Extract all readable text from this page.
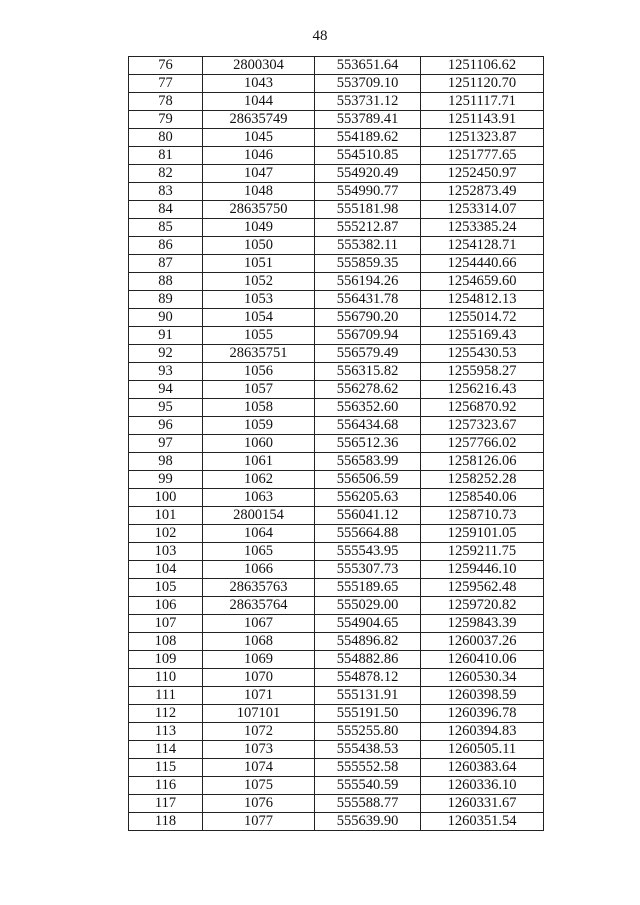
48
76	2800304	553651.64	1251106.62
77	1043	553709.10	1251120.70
78	1044	553731.12	1251117.71
79	28635749	553789.41	1251143.91
80	1045	554189.62	1251323.87
81	1046	554510.85	1251777.65
82	1047	554920.49	1252450.97
83	1048	554990.77	1252873.49
84	28635750	555181.98	1253314.07
85	1049	555212.87	1253385.24
86	1050	555382.11	1254128.71
87	1051	555859.35	1254440.66
88	1052	556194.26	1254659.60
89	1053	556431.78	1254812.13
90	1054	556790.20	1255014.72
91	1055	556709.94	1255169.43
92	28635751	556579.49	1255430.53
93	1056	556315.82	1255958.27
94	1057	556278.62	1256216.43
95	1058	556352.60	1256870.92
96	1059	556434.68	1257323.67
97	1060	556512.36	1257766.02
98	1061	556583.99	1258126.06
99	1062	556506.59	1258252.28
100	1063	556205.63	1258540.06
101	2800154	556041.12	1258710.73
102	1064	555664.88	1259101.05
103	1065	555543.95	1259211.75
104	1066	555307.73	1259446.10
105	28635763	555189.65	1259562.48
106	28635764	555029.00	1259720.82
107	1067	554904.65	1259843.39
108	1068	554896.82	1260037.26
109	1069	554882.86	1260410.06
110	1070	554878.12	1260530.34
111	1071	555131.91	1260398.59
112	107101	555191.50	1260396.78
113	1072	555255.80	1260394.83
114	1073	555438.53	1260505.11
115	1074	555552.58	1260383.64
116	1075	555540.59	1260336.10
117	1076	555588.77	1260331.67
118	1077	555639.90	1260351.54
